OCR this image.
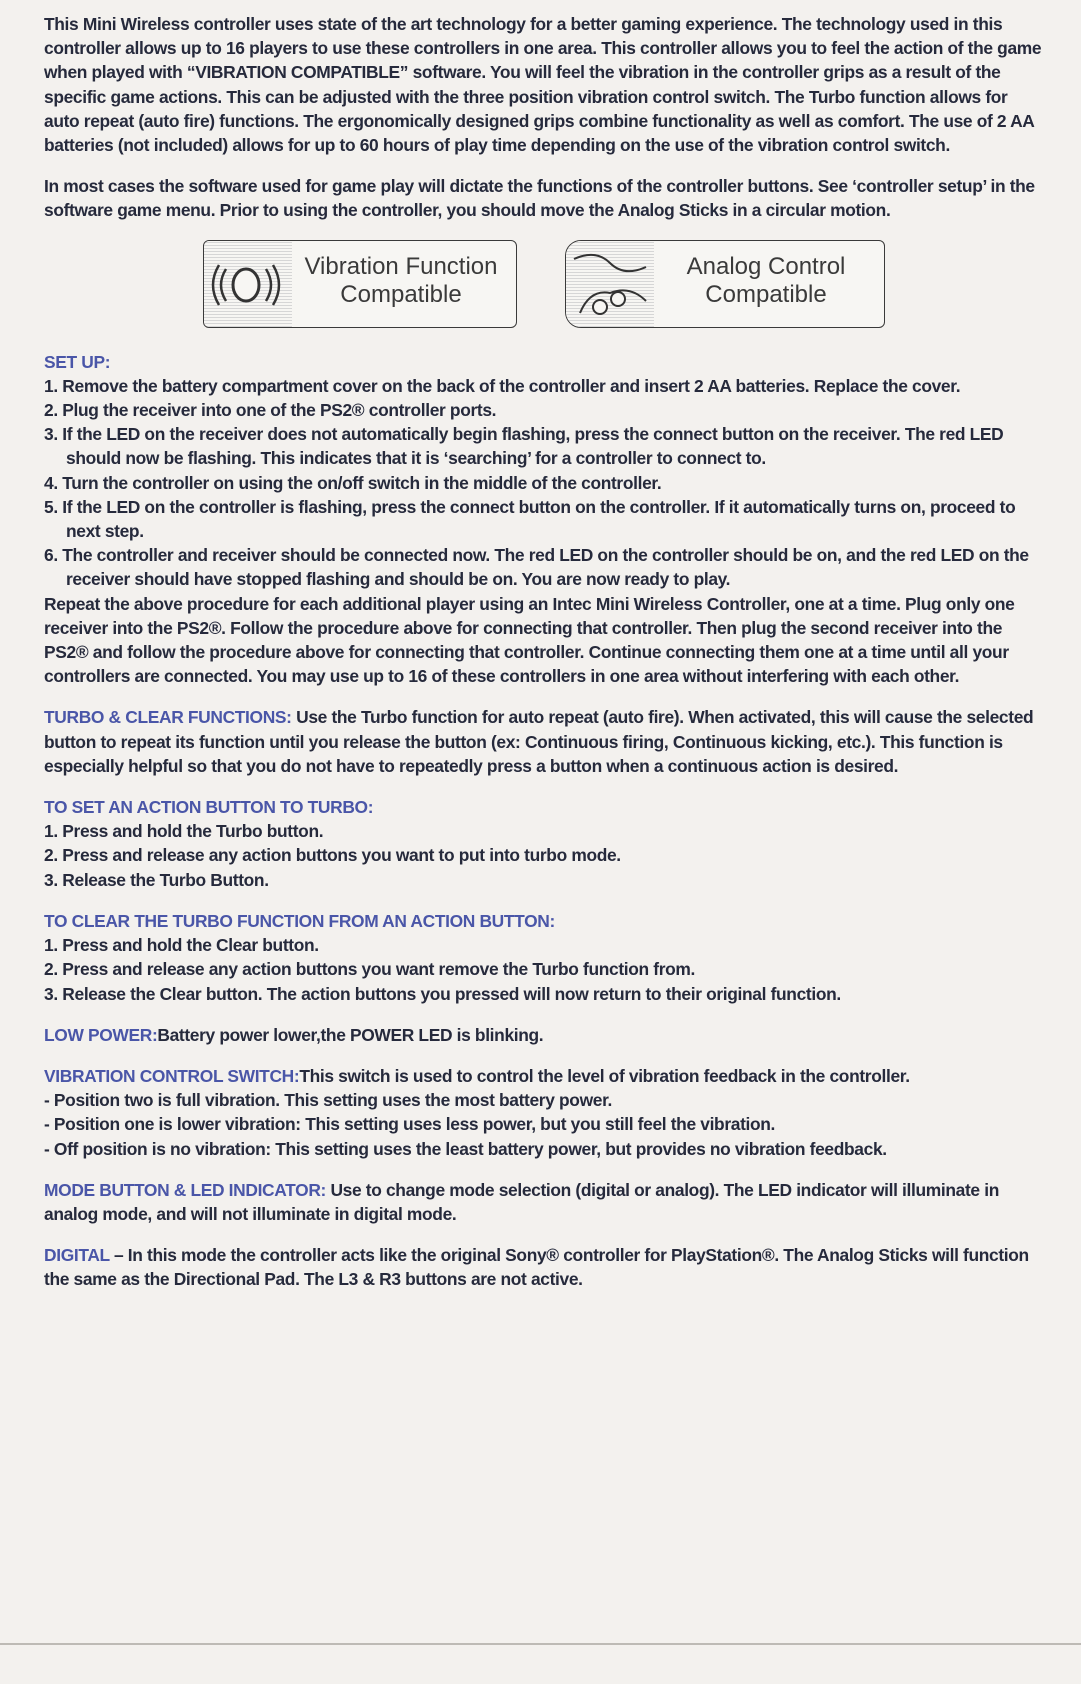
This Mini Wireless controller uses state of the art technology for a better gaming experience. The technology used in this controller allows up to 16 players to use these controllers in one area. This controller allows you to feel the action of the game when played with “VIBRATION COMPATIBLE” software. You will feel the vibration in the controller grips as a result of the specific game actions. This can be adjusted with the three position vibration control switch. The Turbo function allows for auto repeat (auto fire) functions. The ergonomically designed grips combine functionality as well as comfort. The use of 2 AA batteries (not included) allows for up to 60 hours of play time depending on the use of the vibration control switch.

In most cases the software used for game play will dictate the functions of the controller buttons. See ‘controller setup’ in the software game menu. Prior to using the controller, you should move the Analog Sticks in a circular motion.

Vibration Function
Compatible
Analog Control
Compatible
SET UP:
1. Remove the battery compartment cover on the back of the controller and insert 2 AA batteries. Replace the cover.
2. Plug the receiver into one of the PS2® controller ports.
3. If the LED on the receiver does not automatically begin flashing, press the connect button on the receiver. The red LED should now be flashing. This indicates that it is ‘searching’ for a controller to connect to.
4. Turn the controller on using the on/off switch in the middle of the controller.
5. If the LED on the controller is flashing, press the connect button on the controller. If it automatically turns on, proceed to next step.
6. The controller and receiver should be connected now. The red LED on the controller should be on, and the red LED on the receiver should have stopped flashing and should be on. You are now ready to play.
Repeat the above procedure for each additional player using an Intec Mini Wireless Controller, one at a time. Plug only one receiver into the PS2®. Follow the procedure above for connecting that controller. Then plug the second receiver into the PS2® and follow the procedure above for connecting that controller. Continue connecting them one at a time until all your controllers are connected. You may use up to 16 of these controllers in one area without interfering with each other.

TURBO & CLEAR FUNCTIONS: Use the Turbo function for auto repeat (auto fire). When activated, this will cause the selected button to repeat its function until you release the button (ex: Continuous firing, Continuous kicking, etc.). This function is especially helpful so that you do not have to repeatedly press a button when a continuous action is desired.

TO SET AN ACTION BUTTON TO TURBO:
1. Press and hold the Turbo button.
2. Press and release any action buttons you want to put into turbo mode.
3. Release the Turbo Button.
TO CLEAR THE TURBO FUNCTION FROM AN ACTION BUTTON:
1. Press and hold the Clear button.
2. Press and release any action buttons you want remove the Turbo function from.
3. Release the Clear button. The action buttons you pressed will now return to their original function.

LOW POWER:Battery power lower,the POWER LED is blinking.

VIBRATION CONTROL SWITCH:This switch is used to control the level of vibration feedback in the controller.
- Position two is full vibration. This setting uses the most battery power.
- Position one is lower vibration: This setting uses less power, but you still feel the vibration.
- Off position is no vibration: This setting uses the least battery power, but provides no vibration feedback.

MODE BUTTON & LED INDICATOR: Use to change mode selection (digital or analog). The LED indicator will illuminate in analog mode, and will not illuminate in digital mode.

DIGITAL – In this mode the controller acts like the original Sony® controller for PlayStation®. The Analog Sticks will function the same as the Directional Pad. The L3 & R3 buttons are not active.
